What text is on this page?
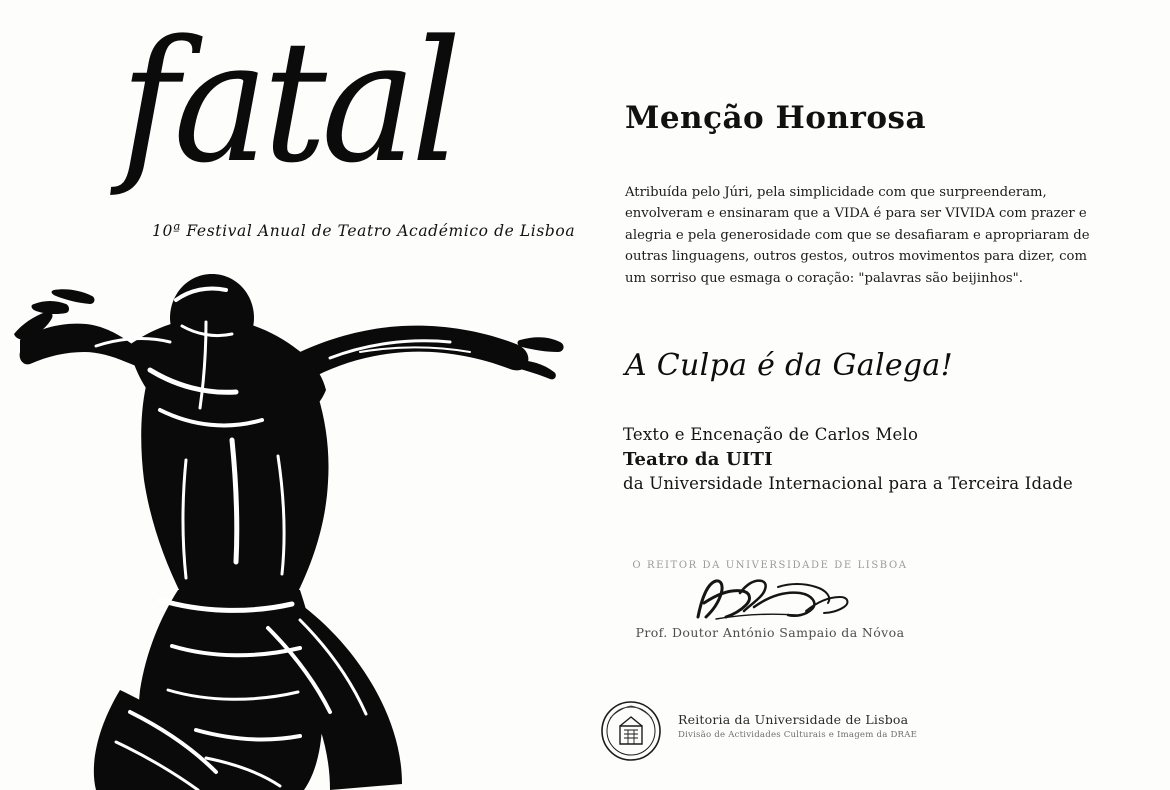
fatal
10ª Festival Anual de Teatro Académico de Lisboa
Menção Honrosa
Atribuída pelo Júri, pela simplicidade com que surpreenderam, envolveram e ensinaram que a VIDA é para ser VIVIDA com prazer e alegria e pela generosidade com que se desafiaram e apropriaram de outras linguagens, outros gestos, outros movimentos para dizer, com um sorriso que esmaga o coração: "palavras são beijinhos".
A Culpa é da Galega!
Texto e Encenação de Carlos Melo
Teatro da UITI
da Universidade Internacional para a Terceira Idade
O REITOR DA UNIVERSIDADE DE LISBOA
Prof. Doutor António Sampaio da Nóvoa
Reitoria da Universidade de Lisboa
Divisão de Actividades Culturais e Imagem da DRAE
